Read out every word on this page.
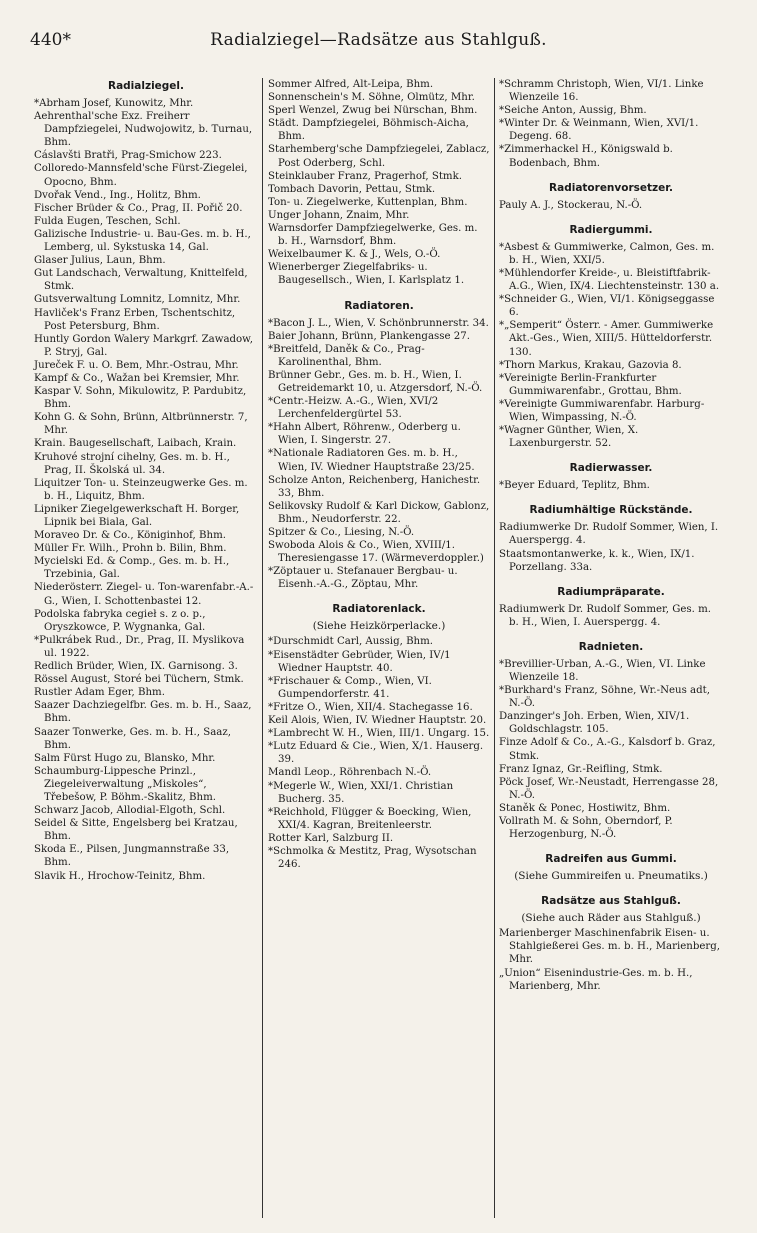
440*	Radialziegel—Radsätze aus Stahlguß.
Radialziegel.
*Abrham Josef, Kunowitz, Mhr.
Aehrenthal'sche Exz. Freiherr Dampfziegelei, Nudwojowitz, b. Turnau, Bhm.
Cáslavšti Bratři, Prag-Smichow 223.
Colloredo-Mannsfeld'sche Fürst-Ziegelei, Opocno, Bhm.
Dvořak Vend., Ing., Holitz, Bhm.
Fischer Brüder & Co., Prag, II. Pořič 20.
Fulda Eugen, Teschen, Schl.
Galizische Industrie- u. Bau-Ges. m. b. H., Lemberg, ul. Sykstuska 14, Gal.
Glaser Julius, Laun, Bhm.
Gut Landschach, Verwaltung, Knittelfeld, Stmk.
Gutsverwaltung Lomnitz, Lomnitz, Mhr.
Havliček's Franz Erben, Tschentschitz, Post Petersburg, Bhm.
Huntly Gordon Walery Markgrf. Zawadow, P. Stryj, Gal.
Jureček F. u. O. Bem, Mhr.-Ostrau, Mhr.
Kampf & Co., Wažan bei Kremsier, Mhr.
Kaspar V. Sohn, Mikulowitz, P. Pardubitz, Bhm.
Kohn G. & Sohn, Brünn, Altbrünnerstr. 7, Mhr.
Krain. Baugesellschaft, Laibach, Krain.
Kruhové strojní cihelny, Ges. m. b. H., Prag, II. Školská ul. 34.
Liquitzer Ton- u. Steinzeugwerke Ges. m. b. H., Liquitz, Bhm.
Lipniker Ziegelgewerkschaft H. Borger, Lipnik bei Biala, Gal.
Moraveo Dr. & Co., Königinhof, Bhm.
Müller Fr. Wilh., Prohn b. Bilin, Bhm.
Mycielski Ed. & Comp., Ges. m. b. H., Trzebinia, Gal.
Niederösterr. Ziegel- u. Ton-warenfabr.-A.-G., Wien, I. Schottenbastei 12.
Podolska fabryka cegieł s. z o. p., Oryszkowce, P. Wygnanka, Gal.
*Pulkrábek Rud., Dr., Prag, II. Myslikova ul. 1922.
Redlich Brüder, Wien, IX. Garnisong. 3.
Rössel August, Storé bei Tüchern, Stmk.
Rustler Adam Eger, Bhm.
Saazer Dachziegelfbr. Ges. m. b. H., Saaz, Bhm.
Saazer Tonwerke, Ges. m. b. H., Saaz, Bhm.
Salm Fürst Hugo zu, Blansko, Mhr.
Schaumburg-Lippesche Prinzl., Ziegeleiverwaltung „Miskoles“, Třebešow, P. Böhm.-Skalitz, Bhm.
Schwarz Jacob, Allodial-Elgoth, Schl.
Seidel & Sitte, Engelsberg bei Kratzau, Bhm.
Skoda E., Pilsen, Jungmannstraße 33, Bhm.
Slavik H., Hrochow-Teinitz, Bhm.
Sommer Alfred, Alt-Leipa, Bhm.
Sonnenschein's M. Söhne, Olmütz, Mhr.
Sperl Wenzel, Zwug bei Nürschan, Bhm.
Städt. Dampfziegelei, Böhmisch-Aicha, Bhm.
Starhemberg'sche Dampfziegelei, Zablacz, Post Oderberg, Schl.
Steinklauber Franz, Pragerhof, Stmk.
Tombach Davorin, Pettau, Stmk.
Ton- u. Ziegelwerke, Kuttenplan, Bhm.
Unger Johann, Znaim, Mhr.
Warnsdorfer Dampfziegelwerke, Ges. m. b. H., Warnsdorf, Bhm.
Weixelbaumer K. & J., Wels, O.-Ö.
Wienerberger Ziegelfabriks- u. Baugesellsch., Wien, I. Karlsplatz 1.
Radiatoren.
*Bacon J. L., Wien, V. Schönbrunnerstr. 34.
Baier Johann, Brünn, Plankengasse 27.
*Breitfeld, Daněk & Co., Prag-Karolinenthal, Bhm.
Brünner Gebr., Ges. m. b. H., Wien, I. Getreidemarkt 10, u. Atzgersdorf, N.-Ö.
*Centr.-Heizw. A.-G., Wien, XVI/2 Lerchenfeldergürtel 53.
*Hahn Albert, Röhrenw., Oderberg u. Wien, I. Singerstr. 27.
*Nationale Radiatoren Ges. m. b. H., Wien, IV. Wiedner Hauptstraße 23/25.
Scholze Anton, Reichenberg, Hanichestr. 33, Bhm.
Selikovsky Rudolf & Karl Dickow, Gablonz, Bhm., Neudorferstr. 22.
Spitzer & Co., Liesing, N.-Ö.
Swoboda Alois & Co., Wien, XVIII/1. Theresiengasse 17. (Wärmeverdoppler.)
*Zöptauer u. Stefanauer Bergbau- u. Eisenh.-A.-G., Zöptau, Mhr.
Radiatorenlack.
(Siehe Heizkörperlacke.)
*Durschmidt Carl, Aussig, Bhm.
*Eisenstädter Gebrüder, Wien, IV/1 Wiedner Hauptstr. 40.
*Frischauer & Comp., Wien, VI. Gumpendorferstr. 41.
*Fritze O., Wien, XII/4. Stachegasse 16.
Keil Alois, Wien, IV. Wiedner Hauptstr. 20.
*Lambrecht W. H., Wien, III/1. Ungarg. 15.
*Lutz Eduard & Cie., Wien, X/1. Hauserg. 39.
Mandl Leop., Röhrenbach N.-Ö.
*Megerle W., Wien, XXI/1. Christian Bucherg. 35.
*Reichhold, Flügger & Boecking, Wien, XXI/4. Kagran, Breitenleerstr.
Rotter Karl, Salzburg II.
*Schmolka & Mestitz, Prag, Wysotschan 246.
*Schramm Christoph, Wien, VI/1. Linke Wienzeile 16.
*Seiche Anton, Aussig, Bhm.
*Winter Dr. & Weinmann, Wien, XVI/1. Degeng. 68.
*Zimmerhackel H., Königswald b. Bodenbach, Bhm.
Radiatorenvorsetzer.
Pauly A. J., Stockerau, N.-Ö.
Radiergummi.
*Asbest & Gummiwerke, Calmon, Ges. m. b. H., Wien, XXI/5.
*Mühlendorfer Kreide-, u. Bleistiftfabrik-A.G., Wien, IX/4. Liechtensteinstr. 130 a.
*Schneider G., Wien, VI/1. Königseggasse 6.
*„Semperit“ Österr. - Amer. Gummiwerke Akt.-Ges., Wien, XIII/5. Hütteldorferstr. 130.
*Thorn Markus, Krakau, Gazovia 8.
*Vereinigte Berlin-Frankfurter Gummiwarenfabr., Grottau, Bhm.
*Vereinigte Gummiwarenfabr. Harburg-Wien, Wimpassing, N.-Ö.
*Wagner Günther, Wien, X. Laxenburgerstr. 52.
Radierwasser.
*Beyer Eduard, Teplitz, Bhm.
Radiumhältige Rückstände.
Radiumwerke Dr. Rudolf Sommer, Wien, I. Auerspergg. 4.
Staatsmontanwerke, k. k., Wien, IX/1. Porzellang. 33a.
Radiumpräparate.
Radiumwerk Dr. Rudolf Sommer, Ges. m. b. H., Wien, I. Auerspergg. 4.
Radnieten.
*Brevillier-Urban, A.-G., Wien, VI. Linke Wienzeile 18.
*Burkhard's Franz, Söhne, Wr.-Neus adt, N.-Ö.
Danzinger's Joh. Erben, Wien, XIV/1. Goldschlagstr. 105.
Finze Adolf & Co., A.-G., Kalsdorf b. Graz, Stmk.
Franz Ignaz, Gr.-Reifling, Stmk.
Pöck Josef, Wr.-Neustadt, Herrengasse 28, N.-Ö.
Staněk & Ponec, Hostiwitz, Bhm.
Vollrath M. & Sohn, Oberndorf, P. Herzogenburg, N.-Ö.
Radreifen aus Gummi.
(Siehe Gummireifen u. Pneumatiks.)
Radsätze aus Stahlguß.
(Siehe auch Räder aus Stahlguß.)
Marienberger Maschinenfabrik Eisen- u. Stahlgießerei Ges. m. b. H., Marienberg, Mhr.
„Union“ Eisenindustrie-Ges. m. b. H., Marienberg, Mhr.
